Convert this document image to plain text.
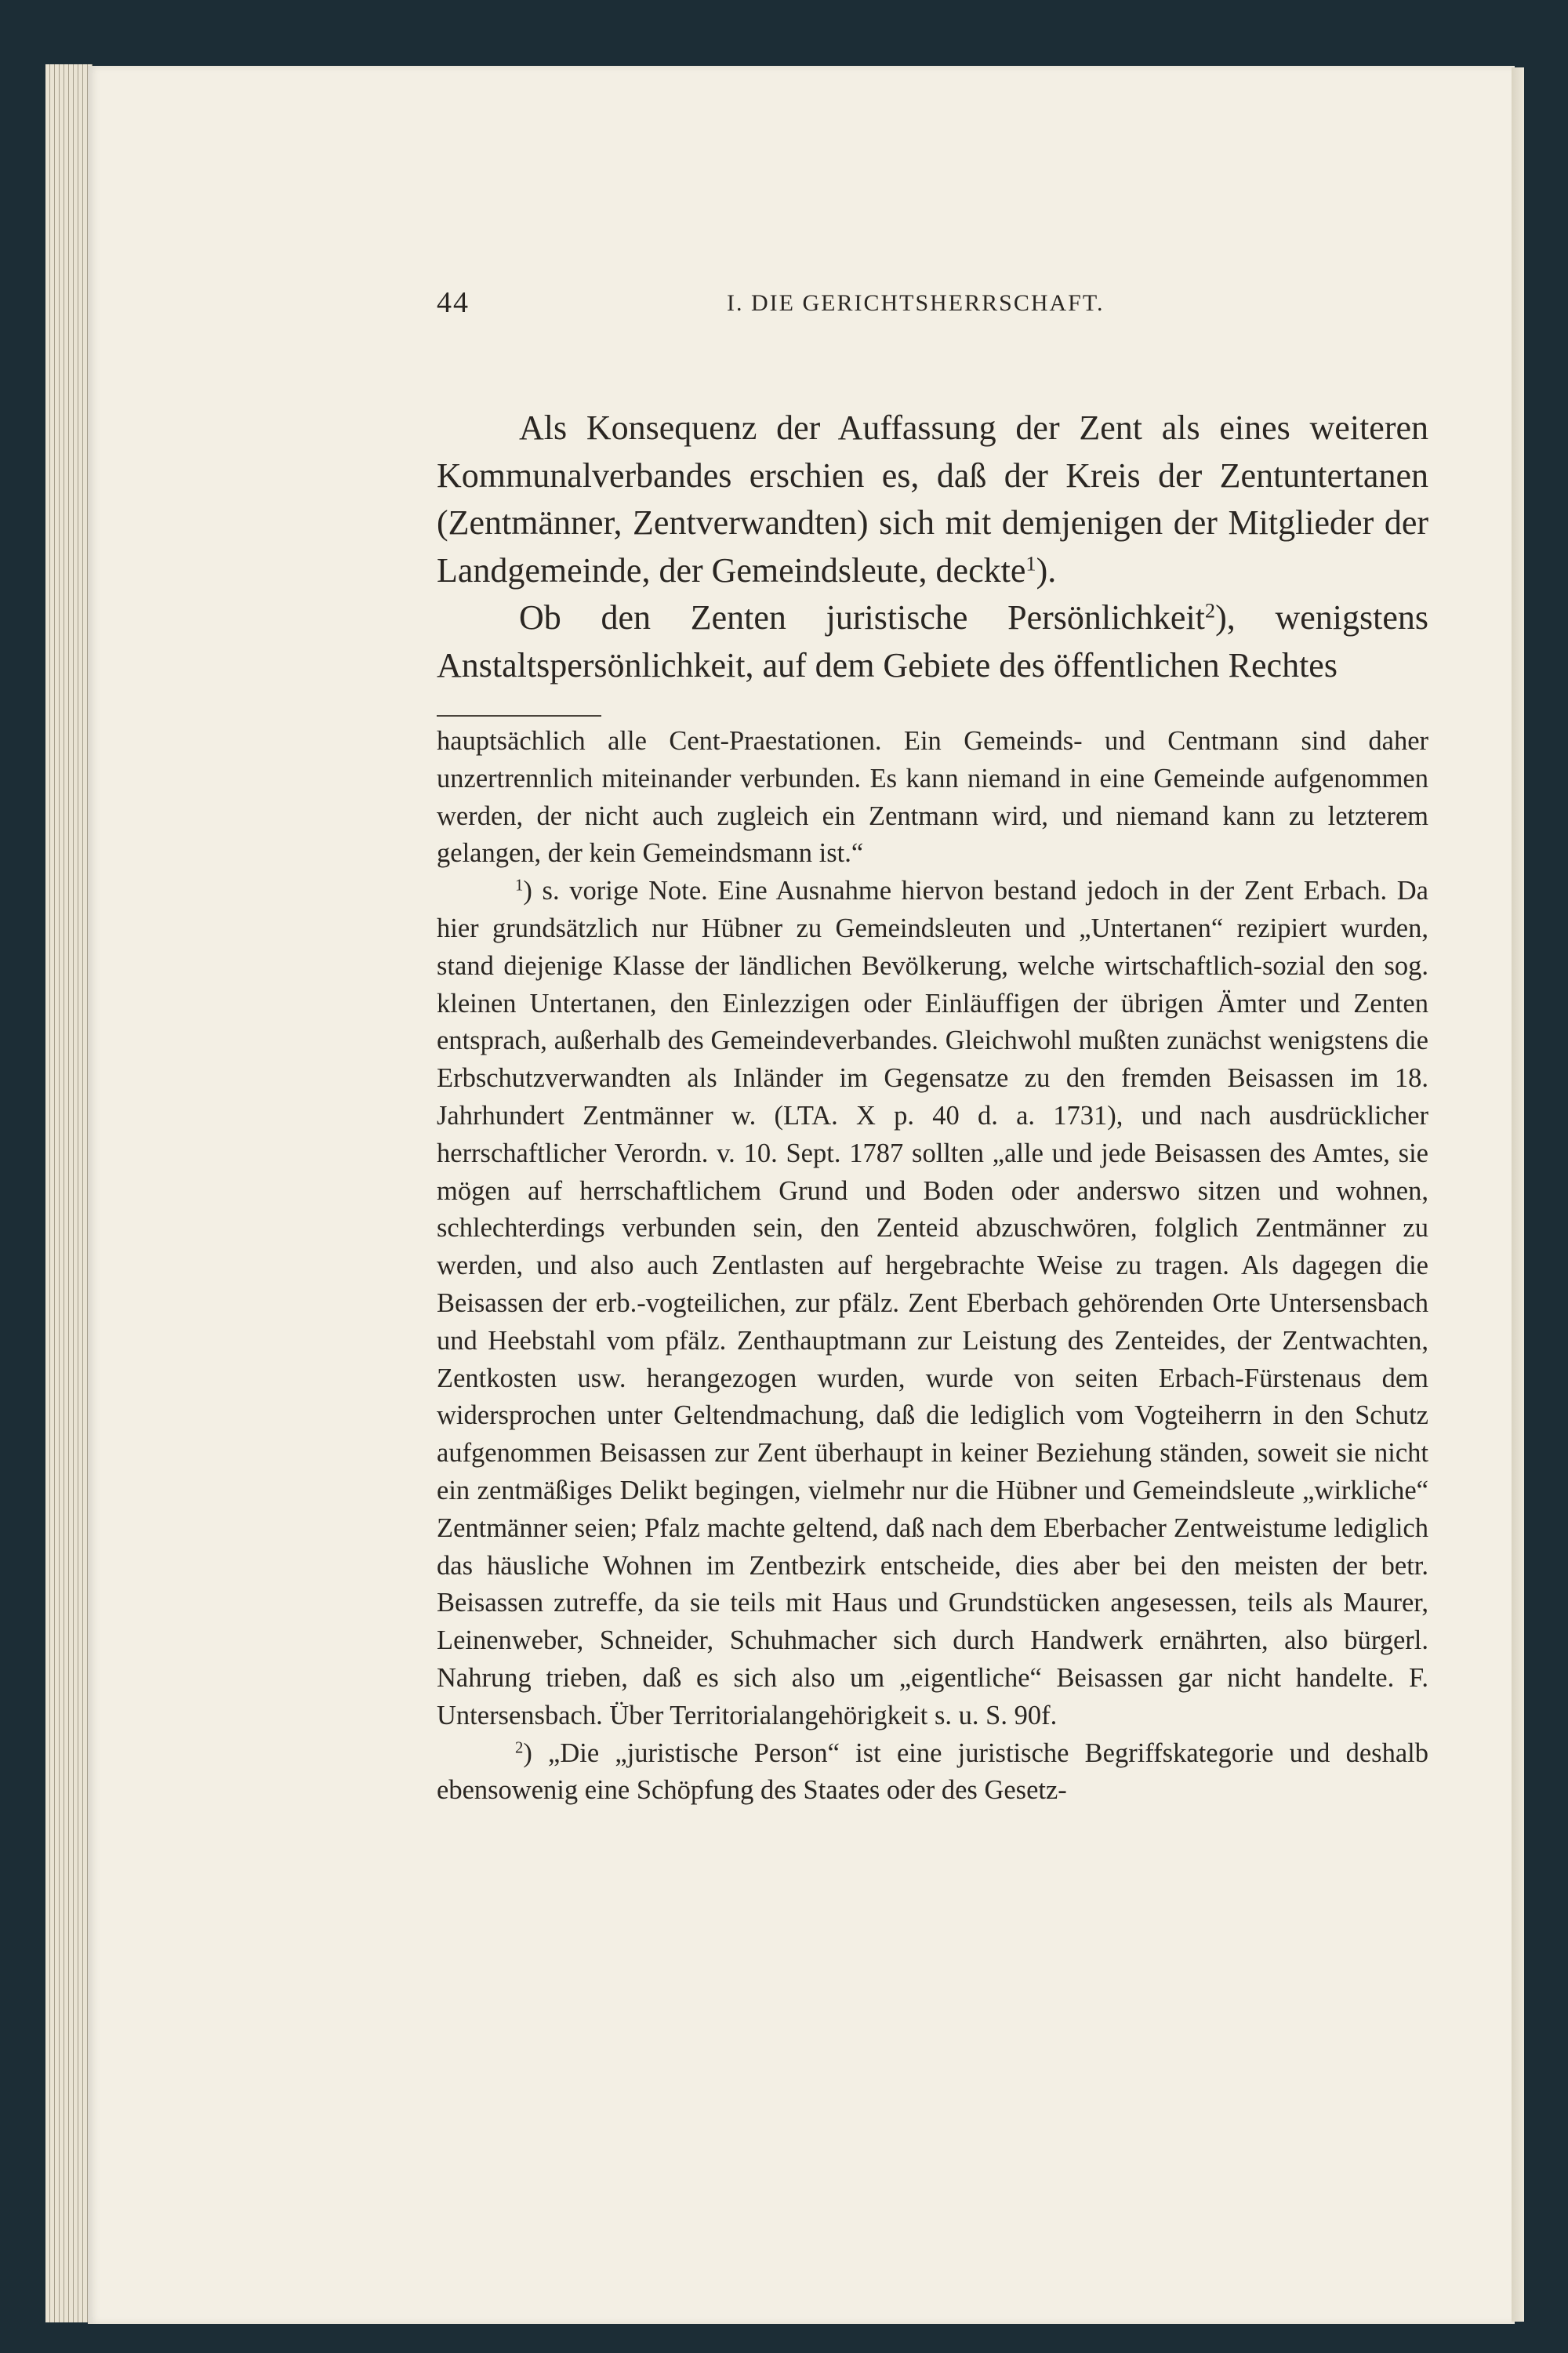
44	I. DIE GERICHTSHERRSCHAFT.

Als Konsequenz der Auffassung der Zent als eines weiteren Kommunalverbandes erschien es, daß der Kreis der Zentuntertanen (Zentmänner, Zentverwandten) sich mit demjenigen der Mitglieder der Landgemeinde, der Gemeindsleute, deckte$^1$).

Ob den Zenten juristische Persönlichkeit$^2$), wenigstens Anstaltspersönlichkeit, auf dem Gebiete des öffentlichen Rechtes

hauptsächlich alle Cent-Praestationen. Ein Gemeinds- und Centmann sind daher unzertrennlich miteinander verbunden. Es kann niemand in eine Gemeinde aufgenommen werden, der nicht auch zugleich ein Zentmann wird, und niemand kann zu letzterem gelangen, der kein Gemeindsmann ist.“

$^1$) s. vorige Note. Eine Ausnahme hiervon bestand jedoch in der Zent Erbach. Da hier grundsätzlich nur Hübner zu Gemeindsleuten und „Untertanen“ rezipiert wurden, stand diejenige Klasse der ländlichen Bevölkerung, welche wirtschaftlich-sozial den sog. kleinen Untertanen, den Einlezzigen oder Einläuffigen der übrigen Ämter und Zenten entsprach, außerhalb des Gemeindeverbandes. Gleichwohl mußten zunächst wenigstens die Erbschutzverwandten als Inländer im Gegensatze zu den fremden Beisassen im 18. Jahrhundert Zentmänner w. (LTA. X p. 40 d. a. 1731), und nach ausdrücklicher herrschaftlicher Verordn. v. 10. Sept. 1787 sollten „alle und jede Beisassen des Amtes, sie mögen auf herrschaftlichem Grund und Boden oder anderswo sitzen und wohnen, schlechterdings verbunden sein, den Zenteid abzuschwören, folglich Zentmänner zu werden, und also auch Zentlasten auf hergebrachte Weise zu tragen. Als dagegen die Beisassen der erb.-vogteilichen, zur pfälz. Zent Eberbach gehörenden Orte Untersensbach und Heebstahl vom pfälz. Zenthauptmann zur Leistung des Zenteides, der Zentwachten, Zentkosten usw. herangezogen wurden, wurde von seiten Erbach-Fürstenaus dem widersprochen unter Geltendmachung, daß die lediglich vom Vogteiherrn in den Schutz aufgenommen Beisassen zur Zent überhaupt in keiner Beziehung ständen, soweit sie nicht ein zentmäßiges Delikt begingen, vielmehr nur die Hübner und Gemeindsleute „wirkliche“ Zentmänner seien; Pfalz machte geltend, daß nach dem Eberbacher Zentweistume lediglich das häusliche Wohnen im Zentbezirk entscheide, dies aber bei den meisten der betr. Beisassen zutreffe, da sie teils mit Haus und Grundstücken angesessen, teils als Maurer, Leinenweber, Schneider, Schuhmacher sich durch Handwerk ernährten, also bürgerl. Nahrung trieben, daß es sich also um „eigentliche“ Beisassen gar nicht handelte. F. Untersensbach. Über Territorialangehörigkeit s. u. S. 90f.

$^2$) „Die „juristische Person“ ist eine juristische Begriffskategorie und deshalb ebensowenig eine Schöpfung des Staates oder des Gesetz-
